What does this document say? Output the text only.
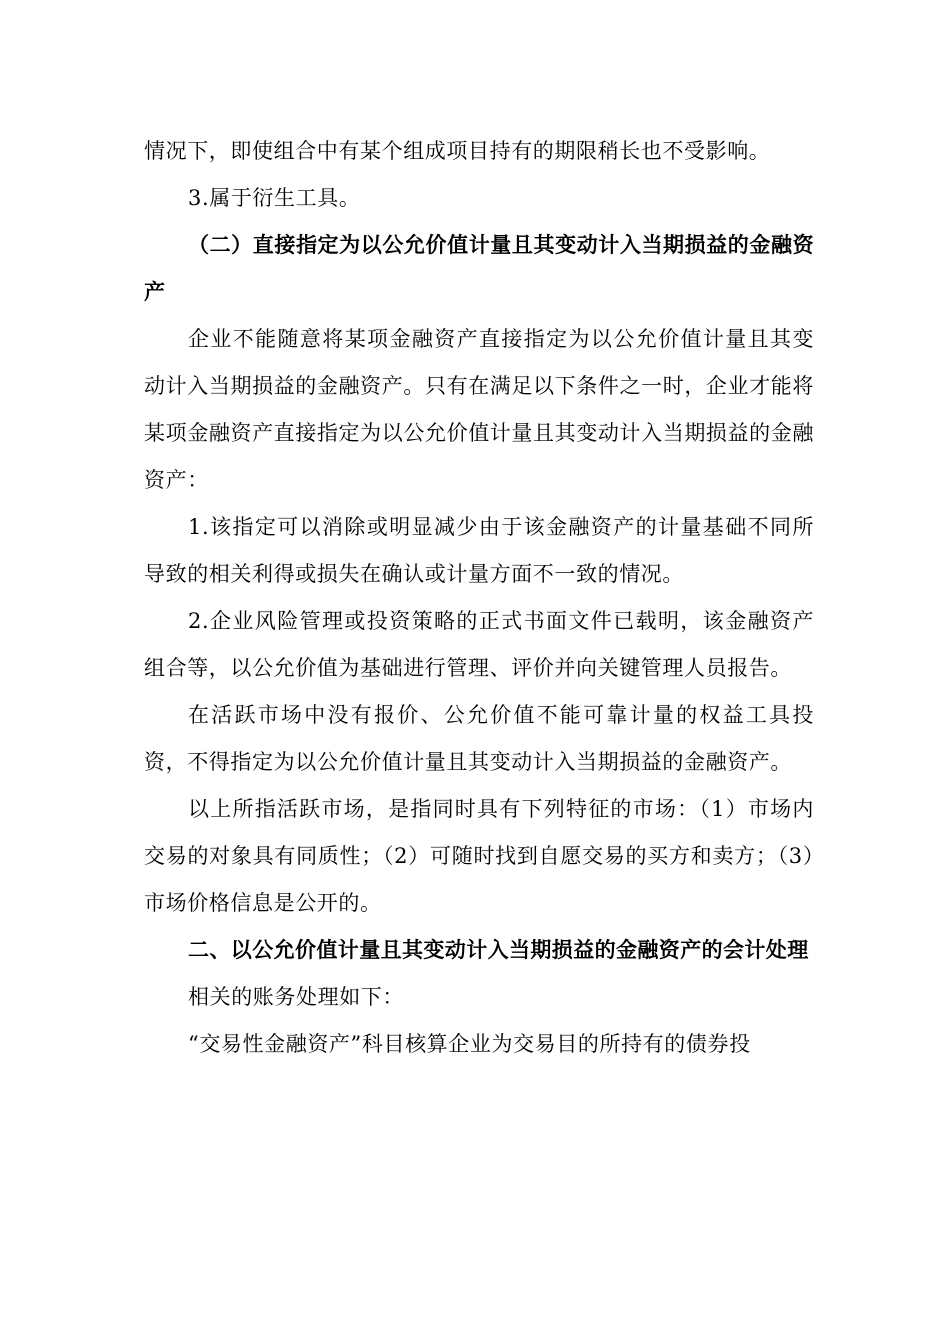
情况下，即使组合中有某个组成项目持有的期限稍长也不受影响。

3.属于衍生工具。

（二）直接指定为以公允价值计量且其变动计入当期损益的金融资产

企业不能随意将某项金融资产直接指定为以公允价值计量且其变动计入当期损益的金融资产。只有在满足以下条件之一时，企业才能将某项金融资产直接指定为以公允价值计量且其变动计入当期损益的金融资产：

1.该指定可以消除或明显减少由于该金融资产的计量基础不同所导致的相关利得或损失在确认或计量方面不一致的情况。

2.企业风险管理或投资策略的正式书面文件已载明，该金融资产组合等，以公允价值为基础进行管理、评价并向关键管理人员报告。

在活跃市场中没有报价、公允价值不能可靠计量的权益工具投资，不得指定为以公允价值计量且其变动计入当期损益的金融资产。

以上所指活跃市场，是指同时具有下列特征的市场：（1）市场内交易的对象具有同质性；（2）可随时找到自愿交易的买方和卖方；（3）市场价格信息是公开的。

二、以公允价值计量且其变动计入当期损益的金融资产的会计处理

相关的账务处理如下：

“交易性金融资产”科目核算企业为交易目的所持有的债券投
